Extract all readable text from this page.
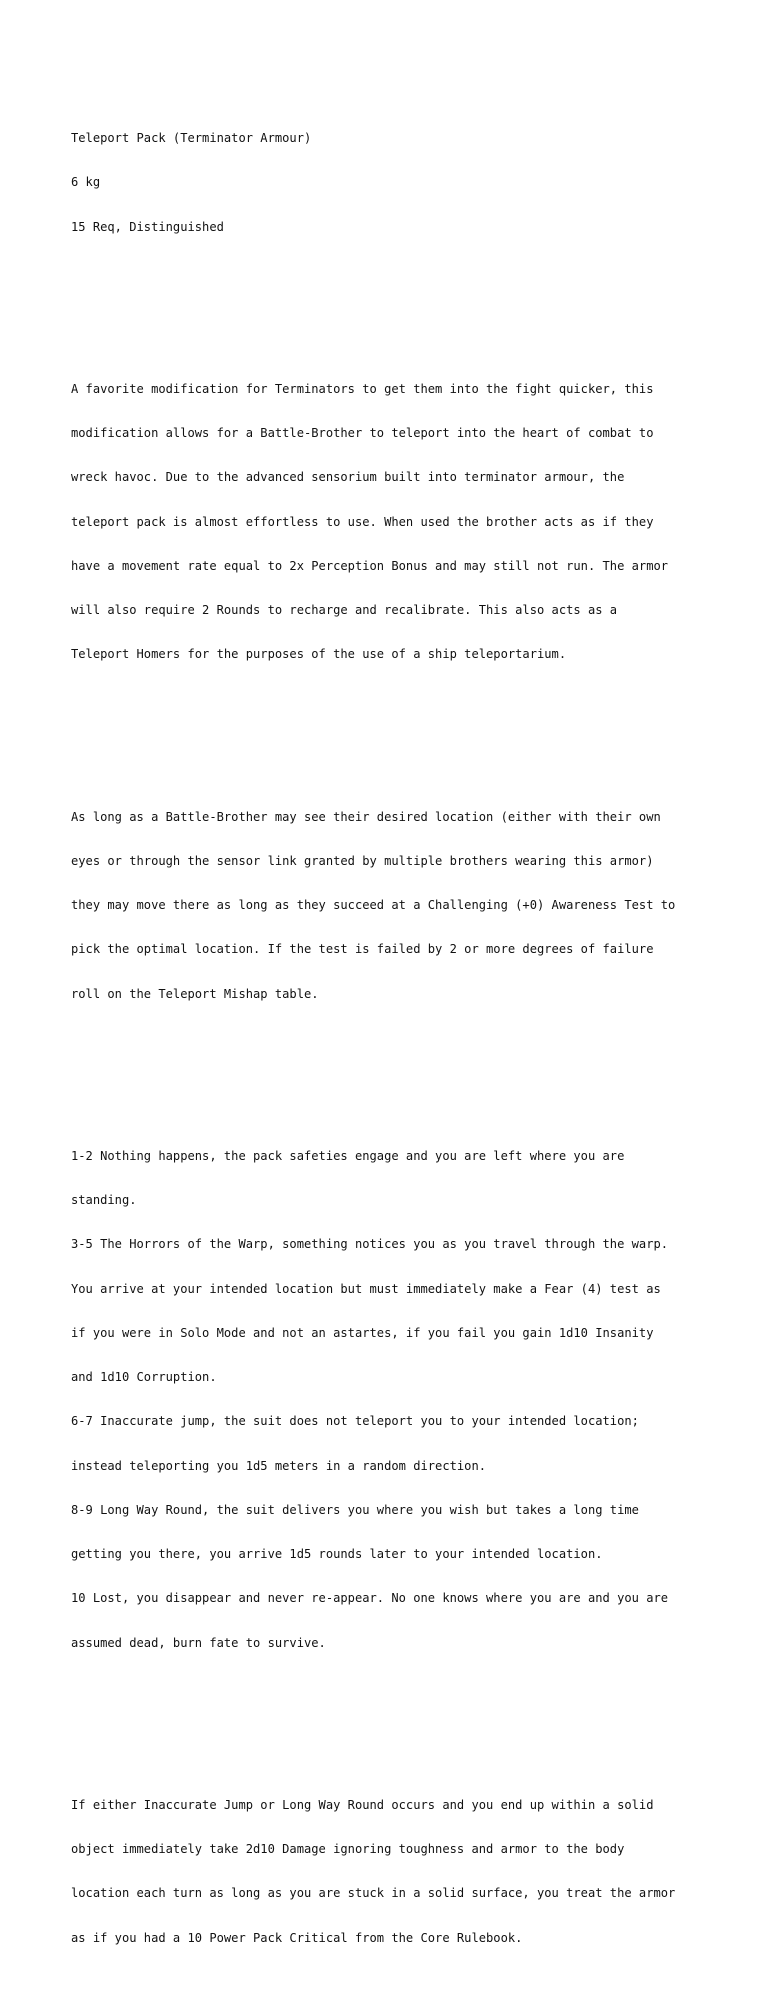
Teleport Pack (Terminator Armour)

6 kg

15 Req, Distinguished

A favorite modification for Terminators to get them into the fight quicker, this

modification allows for a Battle-Brother to teleport into the heart of combat to

wreck havoc. Due to the advanced sensorium built into terminator armour, the

teleport pack is almost effortless to use. When used the brother acts as if they

have a movement rate equal to 2x Perception Bonus and may still not run. The armor

will also require 2 Rounds to recharge and recalibrate. This also acts as a

Teleport Homers for the purposes of the use of a ship teleportarium.

As long as a Battle-Brother may see their desired location (either with their own

eyes or through the sensor link granted by multiple brothers wearing this armor)

they may move there as long as they succeed at a Challenging (+0) Awareness Test to

pick the optimal location. If the test is failed by 2 or more degrees of failure

roll on the Teleport Mishap table.

1-2 Nothing happens, the pack safeties engage and you are left where you are

standing.

3-5 The Horrors of the Warp, something notices you as you travel through the warp.

You arrive at your intended location but must immediately make a Fear (4) test as

if you were in Solo Mode and not an astartes, if you fail you gain 1d10 Insanity

and 1d10 Corruption.

6-7 Inaccurate jump, the suit does not teleport you to your intended location;

instead teleporting you 1d5 meters in a random direction.

8-9 Long Way Round, the suit delivers you where you wish but takes a long time

getting you there, you arrive 1d5 rounds later to your intended location.

10 Lost, you disappear and never re-appear. No one knows where you are and you are

assumed dead, burn fate to survive.

If either Inaccurate Jump or Long Way Round occurs and you end up within a solid

object immediately take 2d10 Damage ignoring toughness and armor to the body

location each turn as long as you are stuck in a solid surface, you treat the armor

as if you had a 10 Power Pack Critical from the Core Rulebook.
